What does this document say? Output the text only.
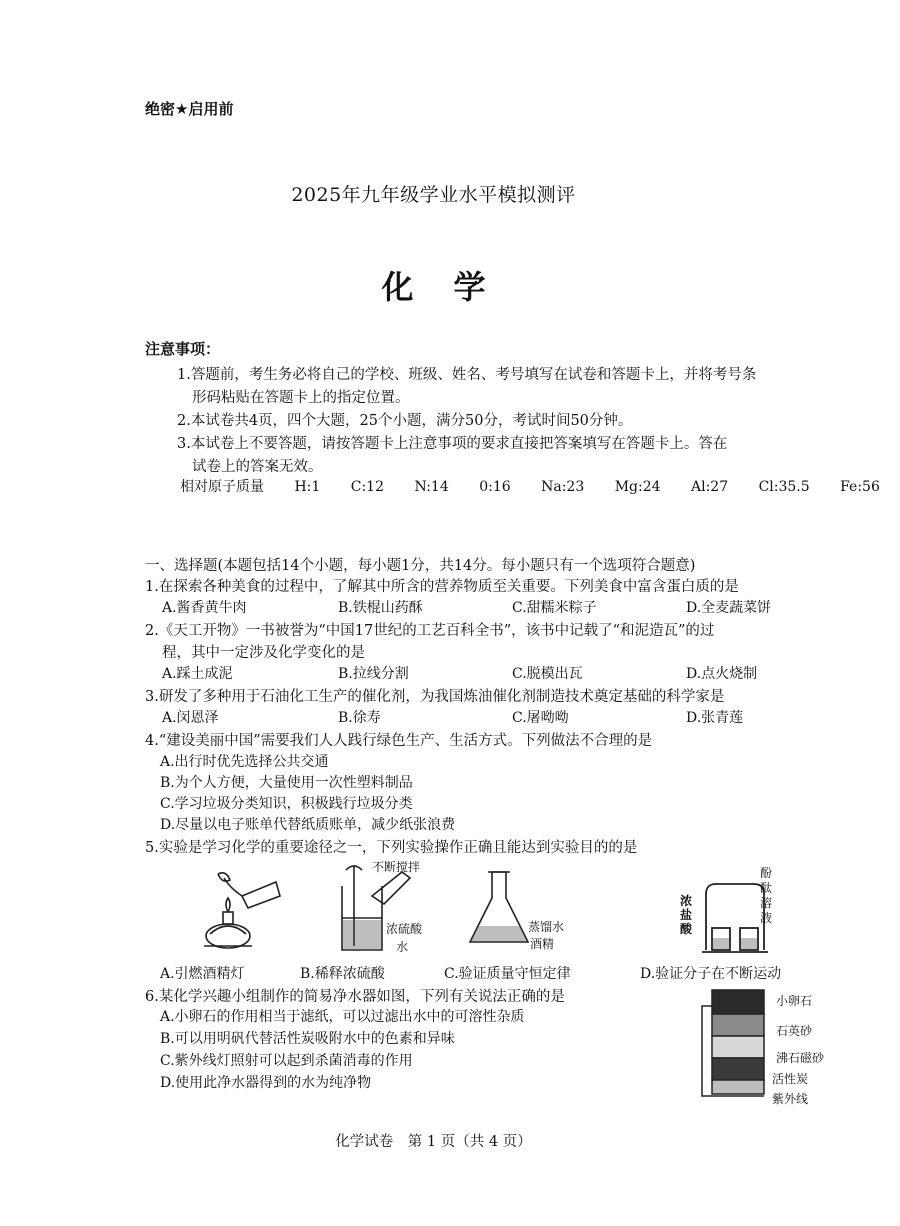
绝密★启用前
2025年九年级学业水平模拟测评
化学
注意事项：
1.答题前，考生务必将自己的学校、班级、姓名、考号填写在试卷和答题卡上，并将考号条
形码粘贴在答题卡上的指定位置。
2.本试卷共4页，四个大题，25个小题，满分50分，考试时间50分钟。
3.本试卷上不要答题，请按答题卡上注意事项的要求直接把答案填写在答题卡上。答在
试卷上的答案无效。
相对原子质量 H:1 C:12 N:14 0:16 Na:23 Mg:24 Al:27 Cl:35.5 Fe:56
一、选择题(本题包括14个小题，每小题1分，共14分。每小题只有一个选项符合题意)
1.在探索各种美食的过程中，了解其中所含的营养物质至关重要。下列美食中富含蛋白质的是
A.酱香黄牛肉	B.铁棍山药酥	C.甜糯米粽子	D.全麦蔬菜饼
2.《天工开物》一书被誉为“中国17世纪的工艺百科全书”，该书中记载了“和泥造瓦”的过
程，其中一定涉及化学变化的是
A.踩土成泥	B.拉线分割	C.脱模出瓦	D.点火烧制
3.研发了多种用于石油化工生产的催化剂，为我国炼油催化剂制造技术奠定基础的科学家是
A.闵恩泽	B.徐寿	C.屠呦呦	D.张青莲
4.“建设美丽中国”需要我们人人践行绿色生产、生活方式。下列做法不合理的是
A.出行时优先选择公共交通
B.为个人方便，大量使用一次性塑料制品
C.学习垃圾分类知识，积极践行垃圾分类
D.尽量以电子账单代替纸质账单，减少纸张浪费
5.实验是学习化学的重要途径之一，下列实验操作正确且能达到实验目的的是
不断搅拌
浓硫酸
水
蒸馏水
酒精
浓盐酸
酚酞溶液
A.引燃酒精灯	B.稀释浓硫酸	C.验证质量守恒定律	D.验证分子在不断运动
6.某化学兴趣小组制作的简易净水器如图，下列有关说法正确的是
A.小卵石的作用相当于滤纸，可以过滤出水中的可溶性杂质
B.可以用明矾代替活性炭吸附水中的色素和异味
C.紫外线灯照射可以起到杀菌消毒的作用
D.使用此净水器得到的水为纯净物
小卵石
石英砂
沸石磁砂
活性炭
紫外线
化学试卷　第 1 页（共 4 页）
